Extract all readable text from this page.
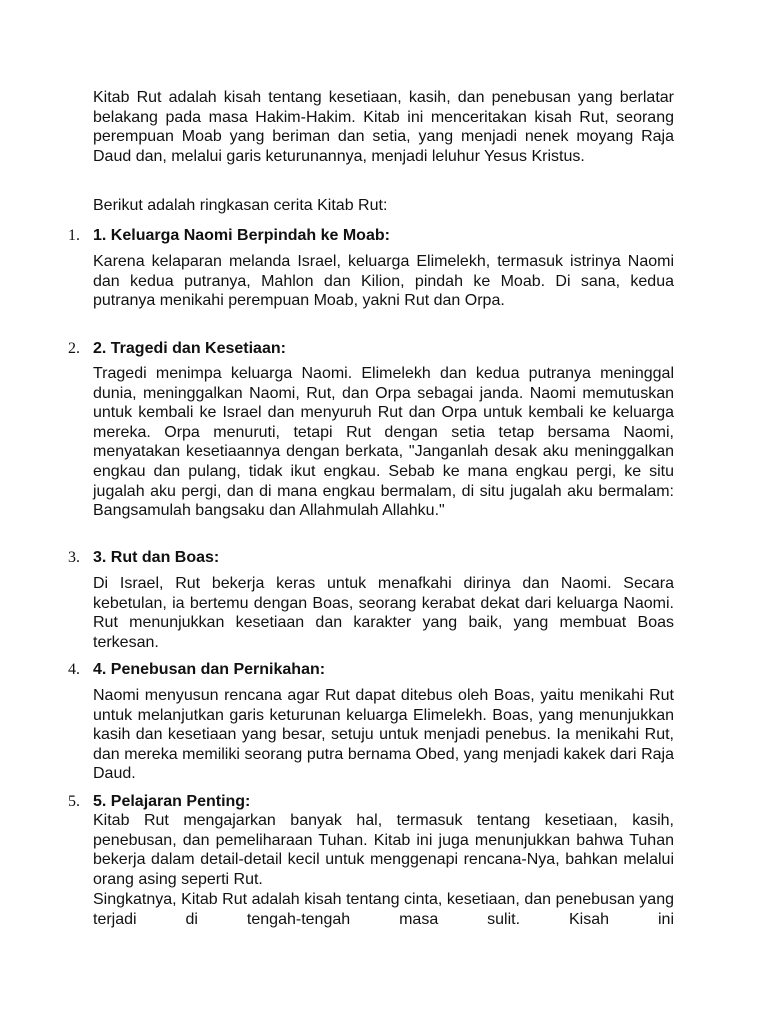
Kitab Rut adalah kisah tentang kesetiaan, kasih, dan penebusan yang berlatar belakang pada masa Hakim-Hakim. Kitab ini menceritakan kisah Rut, seorang perempuan Moab yang beriman dan setia, yang menjadi nenek moyang Raja Daud dan, melalui garis keturunannya, menjadi leluhur Yesus Kristus.

Berikut adalah ringkasan cerita Kitab Rut:

1. 1. Keluarga Naomi Berpindah ke Moab:

Karena kelaparan melanda Israel, keluarga Elimelekh, termasuk istrinya Naomi dan kedua putranya, Mahlon dan Kilion, pindah ke Moab. Di sana, kedua putranya menikahi perempuan Moab, yakni Rut dan Orpa.

2. 2. Tragedi dan Kesetiaan:

Tragedi menimpa keluarga Naomi. Elimelekh dan kedua putranya meninggal dunia, meninggalkan Naomi, Rut, dan Orpa sebagai janda. Naomi memutuskan untuk kembali ke Israel dan menyuruh Rut dan Orpa untuk kembali ke keluarga mereka. Orpa menuruti, tetapi Rut dengan setia tetap bersama Naomi, menyatakan kesetiaannya dengan berkata, "Janganlah desak aku meninggalkan engkau dan pulang, tidak ikut engkau. Sebab ke mana engkau pergi, ke situ jugalah aku pergi, dan di mana engkau bermalam, di situ jugalah aku bermalam: Bangsamulah bangsaku dan Allahmulah Allahku."

3. 3. Rut dan Boas:

Di Israel, Rut bekerja keras untuk menafkahi dirinya dan Naomi. Secara kebetulan, ia bertemu dengan Boas, seorang kerabat dekat dari keluarga Naomi. Rut menunjukkan kesetiaan dan karakter yang baik, yang membuat Boas terkesan.

4. 4. Penebusan dan Pernikahan:

Naomi menyusun rencana agar Rut dapat ditebus oleh Boas, yaitu menikahi Rut untuk melanjutkan garis keturunan keluarga Elimelekh. Boas, yang menunjukkan kasih dan kesetiaan yang besar, setuju untuk menjadi penebus. Ia menikahi Rut, dan mereka memiliki seorang putra bernama Obed, yang menjadi kakek dari Raja Daud.

5. 5. Pelajaran Penting:

Kitab Rut mengajarkan banyak hal, termasuk tentang kesetiaan, kasih, penebusan, dan pemeliharaan Tuhan. Kitab ini juga menunjukkan bahwa Tuhan bekerja dalam detail-detail kecil untuk menggenapi rencana-Nya, bahkan melalui orang asing seperti Rut.

Singkatnya, Kitab Rut adalah kisah tentang cinta, kesetiaan, dan penebusan yang terjadi di tengah-tengah masa sulit. Kisah ini
